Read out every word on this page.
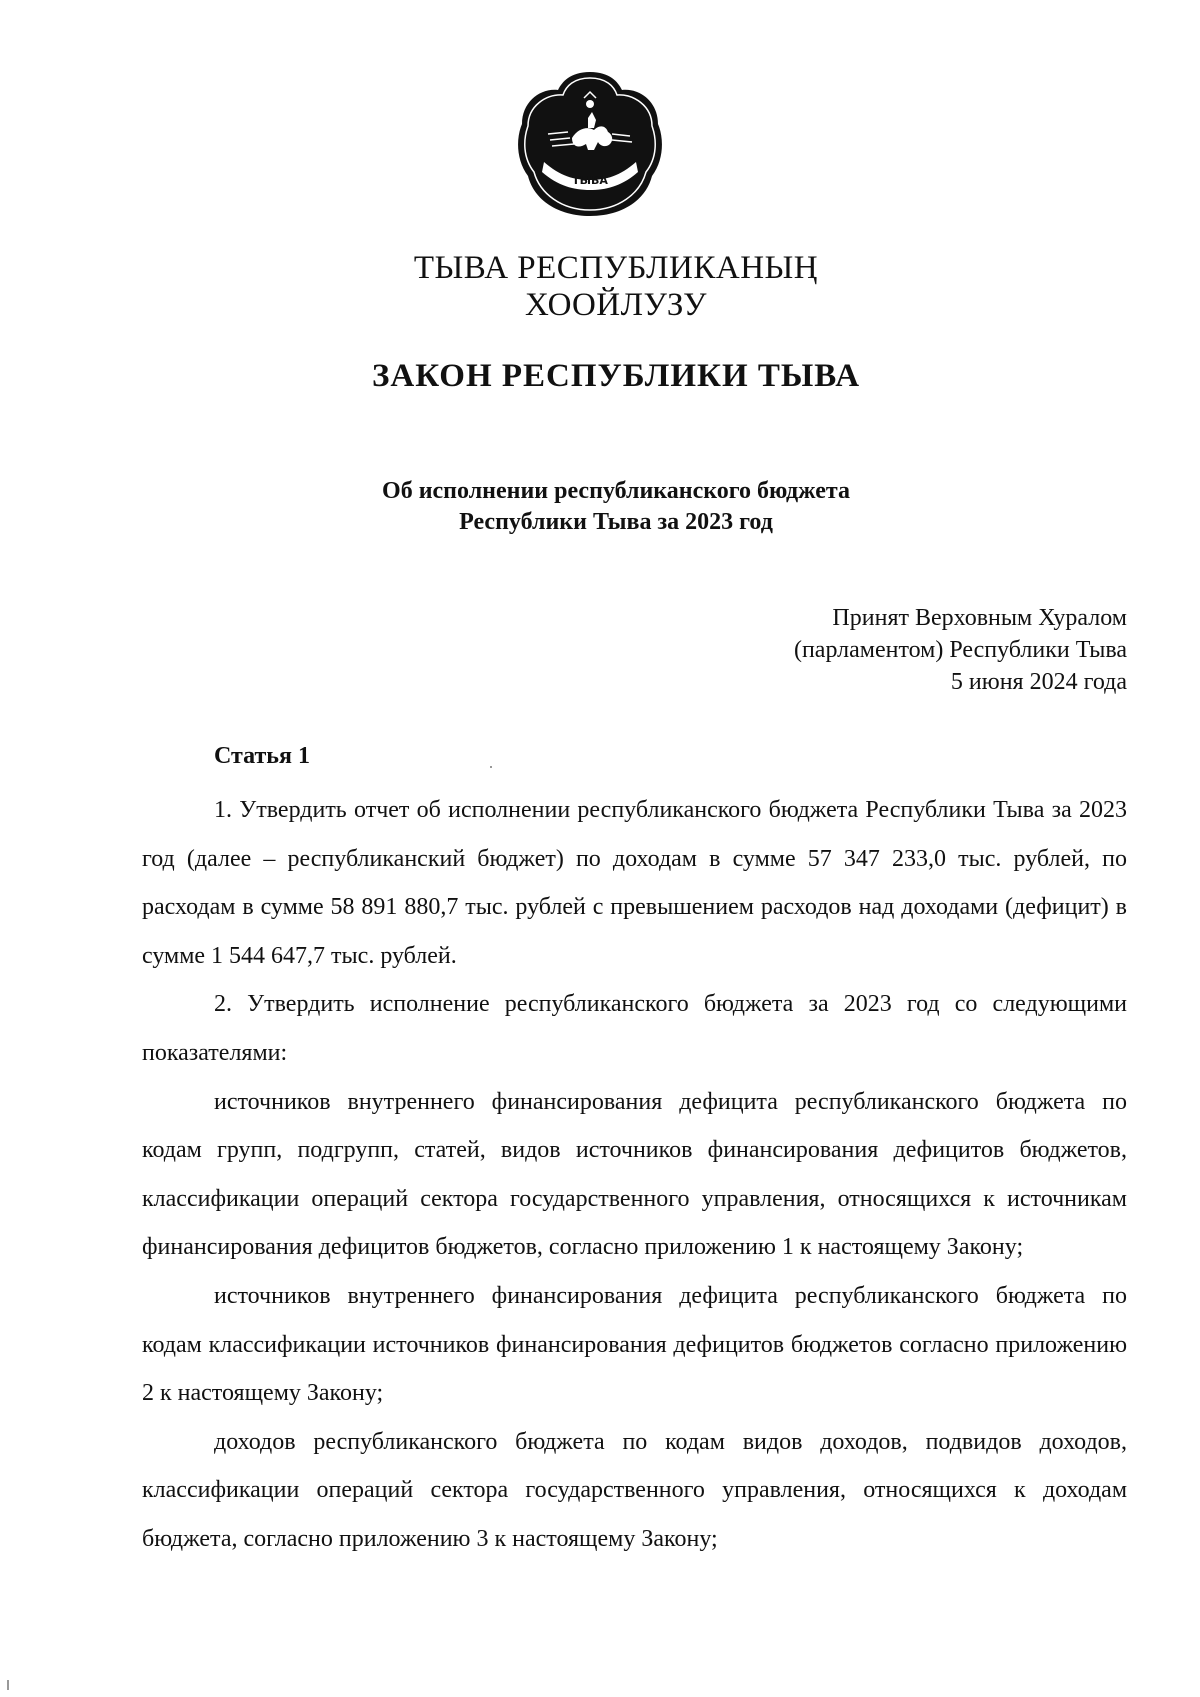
ТЫВА
ТЫВА РЕСПУБЛИКАНЫҢ
ХООЙЛУЗУ
ЗАКОН РЕСПУБЛИКИ ТЫВА
Об исполнении республиканского бюджета
Республики Тыва за 2023 год
Принят Верховным Хуралом
(парламентом) Республики Тыва
5 июня 2024 года
Статья 1

1. Утвердить отчет об исполнении республиканского бюджета Республики Тыва за 2023 год (далее – республиканский бюджет) по доходам в сумме 57 347 233,0 тыс. рублей, по расходам в сумме 58 891 880,7 тыс. рублей с превышением расходов над доходами (дефицит) в сумме 1 544 647,7 тыс. рублей.

2. Утвердить исполнение республиканского бюджета за 2023 год со следующими показателями:

источников внутреннего финансирования дефицита республиканского бюджета по кодам групп, подгрупп, статей, видов источников финансирования дефицитов бюджетов, классификации операций сектора государственного управления, относящихся к источникам финансирования дефицитов бюджетов, согласно приложению 1 к настоящему Закону;

источников внутреннего финансирования дефицита республиканского бюджета по кодам классификации источников финансирования дефицитов бюджетов согласно приложению 2 к настоящему Закону;

доходов республиканского бюджета по кодам видов доходов, подвидов доходов, классификации операций сектора государственного управления, относящихся к доходам бюджета, согласно приложению 3 к настоящему Закону;
